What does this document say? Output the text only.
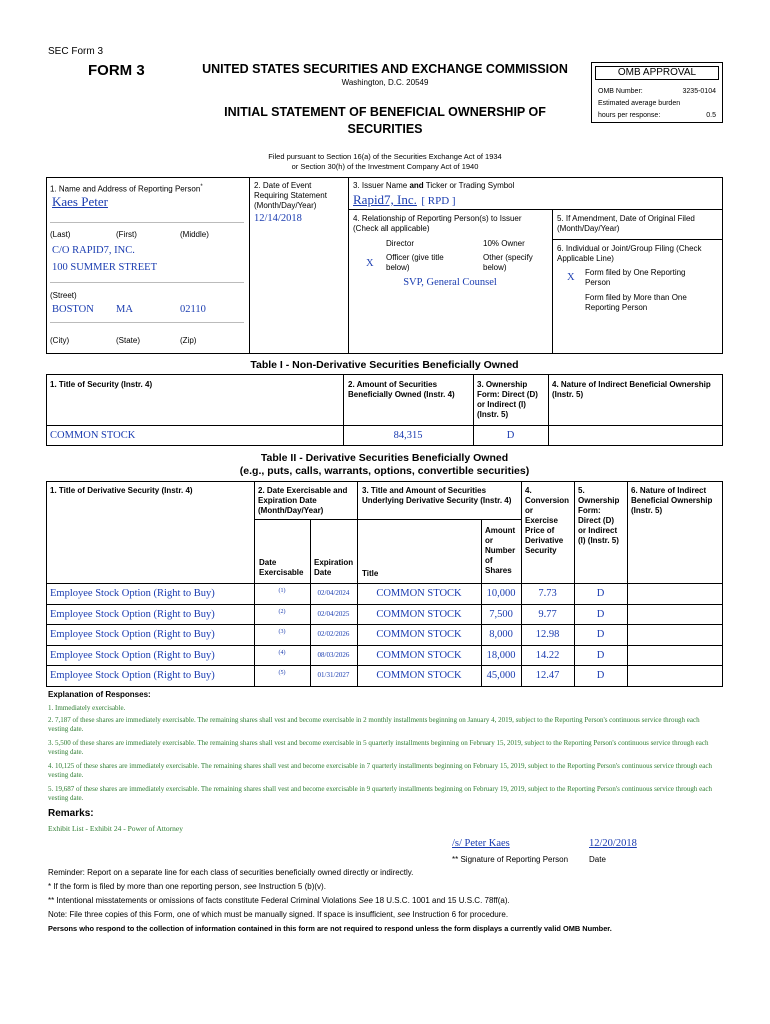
SEC Form 3
FORM 3	UNITED STATES SECURITIES AND EXCHANGE COMMISSION
Washington, D.C. 20549
INITIAL STATEMENT OF BENEFICIAL OWNERSHIP OF
SECURITIES
Filed pursuant to Section 16(a) of the Securities Exchange Act of 1934
or Section 30(h) of the Investment Company Act of 1940
OMB APPROVAL
OMB Number:	3235-0104
Estimated average burden
hours per response:	0.5
1. Name and Address of Reporting Person*
Kaes Peter
(Last)	(First)	(Middle)
C/O RAPID7, INC.
100 SUMMER STREET
(Street)
BOSTON MA	02110
(City)	(State)	(Zip)
2. Date of Event
Requiring Statement
(Month/Day/Year)
12/14/2018
3. Issuer Name and Ticker or Trading Symbol
Rapid7, Inc. [ RPD ]
4. Relationship of Reporting Person(s) to Issuer
(Check all applicable)
Director	10% Owner
X
Officer (give title
below)
Other (specify
below)
SVP, General Counsel
5. If Amendment, Date of Original Filed
(Month/Day/Year)
6. Individual or Joint/Group Filing (Check
Applicable Line)
X Form filed by One Reporting
Person
Form filed by More than One
Reporting Person
Table I - Non-Derivative Securities Beneficially Owned
1. Title of Security (Instr. 4)	2. Amount of Securities
Beneficially Owned (Instr. 4)
3. Ownership
Form: Direct (D)
or Indirect (I)
(Instr. 5)
4. Nature of Indirect Beneficial Ownership
(Instr. 5)
COMMON STOCK	84,315	D
Table II - Derivative Securities Beneficially Owned
(e.g., puts, calls, warrants, options, convertible securities)
1. Title of Derivative Security (Instr. 4)	2. Date Exercisable and
Expiration Date
(Month/Day/Year)
Date
Exercisable
Expiration
Date
3. Title and Amount of Securities
Underlying Derivative Security (Instr. 4)
Title
Amount
or
Number
of
Shares
4.
Conversion
or
Exercise
Price of
Derivative
Security
5.
Ownership
Form:
Direct (D)
or Indirect
(I) (Instr. 5)
6. Nature of Indirect
Beneficial Ownership
(Instr. 5)
Employee Stock Option (Right to Buy)	(1)	02/04/2024	COMMON STOCK	10,000	7.73	D
Employee Stock Option (Right to Buy)	(2)	02/04/2025	COMMON STOCK	7,500	9.77	D
Employee Stock Option (Right to Buy)	(3)	02/02/2026	COMMON STOCK	8,000	12.98	D
Employee Stock Option (Right to Buy)	(4)	08/03/2026	COMMON STOCK	18,000	14.22	D
Employee Stock Option (Right to Buy)	(5)	01/31/2027	COMMON STOCK	45,000	12.47	D
Explanation of Responses:
1. Immediately exercisable.
2. 7,187 of these shares are immediately exercisable. The remaining shares shall vest and become exercisable in 2 monthly installments beginning on January 4, 2019, subject to the Reporting Person's continuous service through each vesting date.
3. 5,500 of these shares are immediately exercisable. The remaining shares shall vest and become exercisable in 5 quarterly installments beginning on February 15, 2019, subject to the Reporting Person's continuous service through each vesting date.
4. 10,125 of these shares are immediately exercisable. The remaining shares shall vest and become exercisable in 7 quarterly installments beginning on February 15, 2019, subject to the Reporting Person's continuous service through each vesting date.
5. 19,687 of these shares are immediately exercisable. The remaining shares shall vest and become exercisable in 9 quarterly installments beginning on February 19, 2019, subject to the Reporting Person's continuous service through each vesting date.
Remarks:
Exhibit List - Exhibit 24 - Power of Attorney
/s/ Peter Kaes	12/20/2018
** Signature of Reporting Person	Date
Reminder: Report on a separate line for each class of securities beneficially owned directly or indirectly.
* If the form is filed by more than one reporting person, see Instruction 5 (b)(v).
** Intentional misstatements or omissions of facts constitute Federal Criminal Violations See 18 U.S.C. 1001 and 15 U.S.C. 78ff(a).
Note: File three copies of this Form, one of which must be manually signed. If space is insufficient, see Instruction 6 for procedure.
Persons who respond to the collection of information contained in this form are not required to respond unless the form displays a currently valid OMB Number.
